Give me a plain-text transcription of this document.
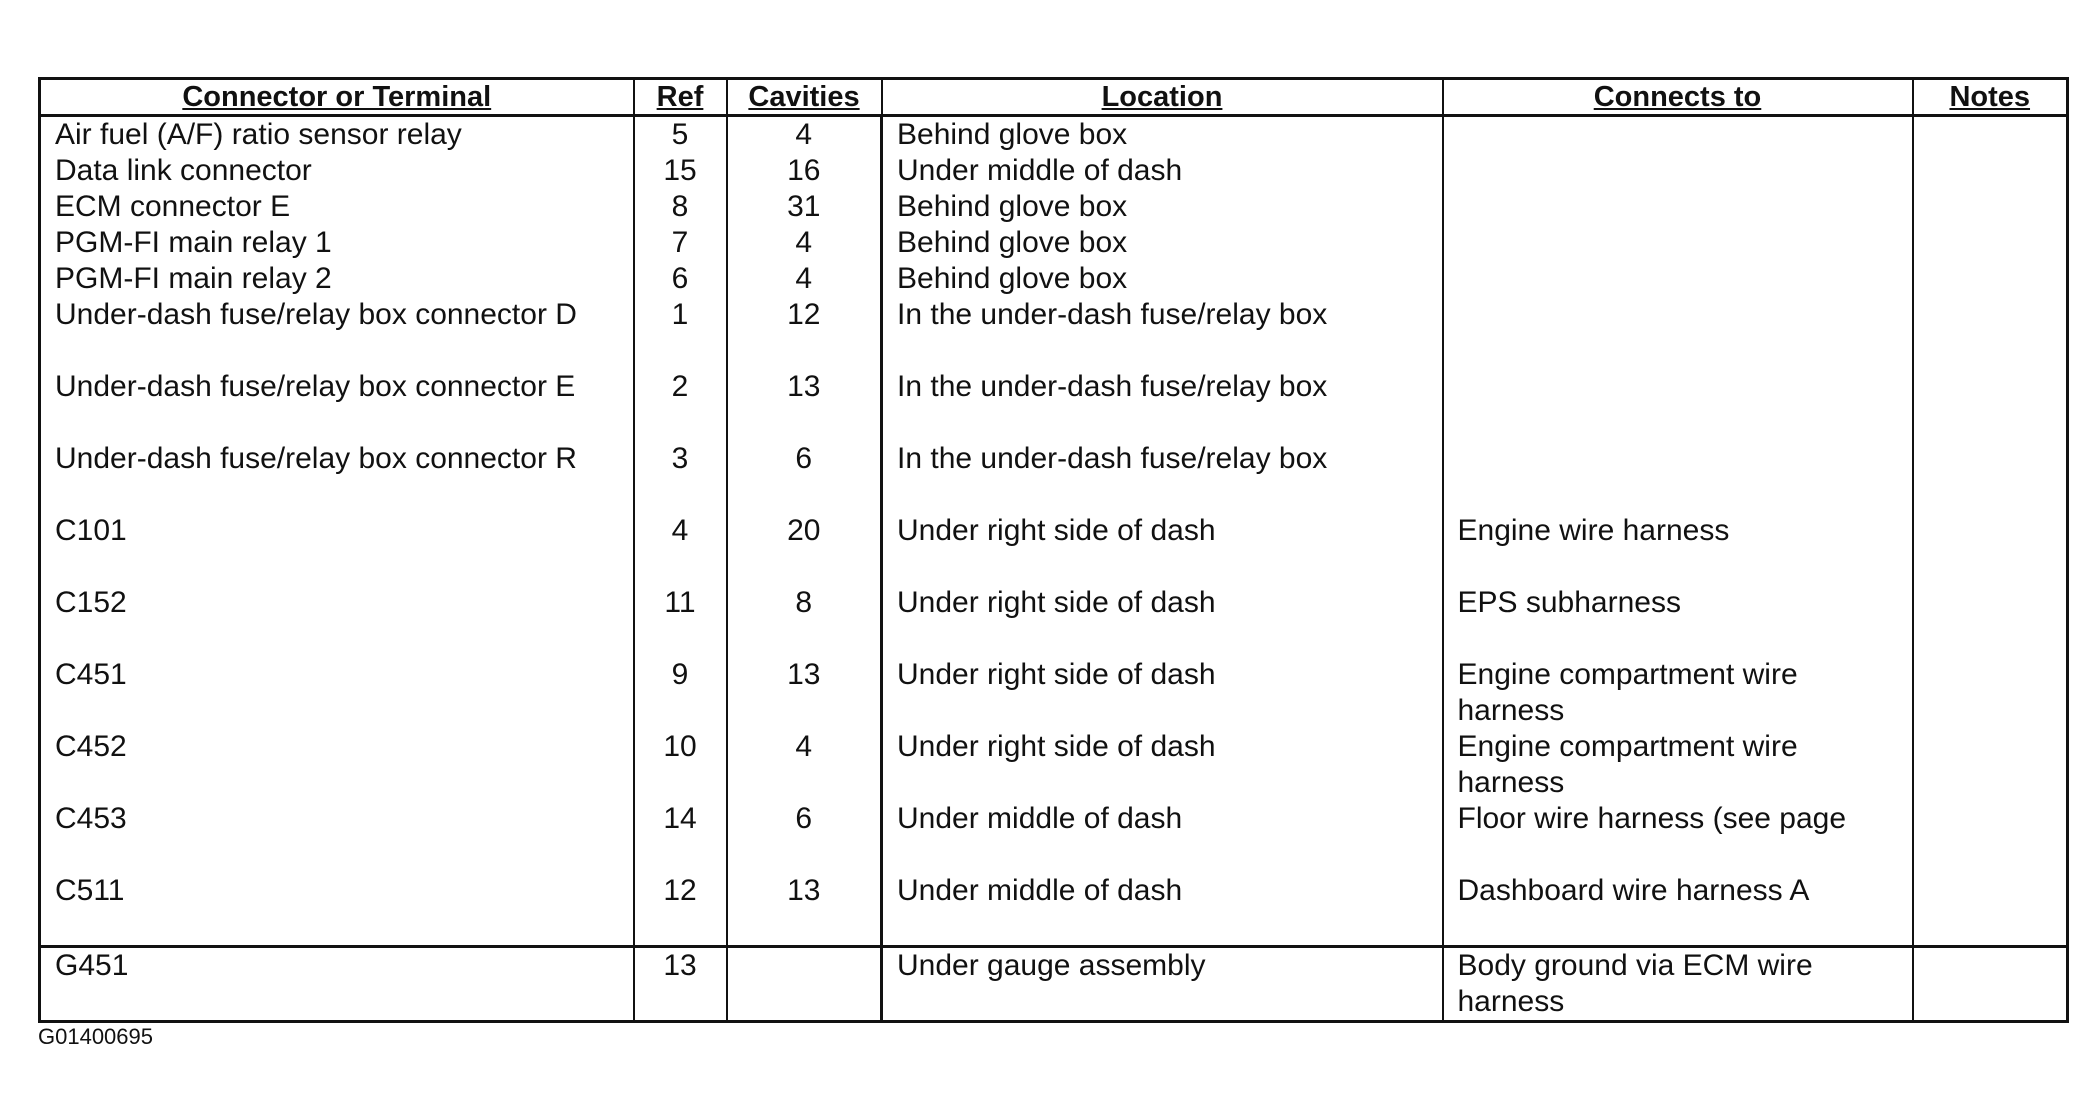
Connector or Terminal	Ref	Cavities	Location	Connects to	Notes
Air fuel (A/F) ratio sensor relay	5	4	Behind glove box		
Data link connector	15	16	Under middle of dash		
ECM connector E	8	31	Behind glove box		
PGM-FI main relay 1	7	4	Behind glove box		
PGM-FI main relay 2	6	4	Behind glove box		
Under-dash fuse/relay box connector D	1	12	In the under-dash fuse/relay box		
Under-dash fuse/relay box connector E	2	13	In the under-dash fuse/relay box		
Under-dash fuse/relay box connector R	3	6	In the under-dash fuse/relay box		
C101	4	20	Under right side of dash	Engine wire harness	
C152	11	8	Under right side of dash	EPS subharness	
C451	9	13	Under right side of dash	Engine compartment wire harness	
C452	10	4	Under right side of dash	Engine compartment wire harness	
C453	14	6	Under middle of dash	Floor wire harness (see page	
C511	12	13	Under middle of dash	Dashboard wire harness A	
G451	13		Under gauge assembly	Body ground via ECM wire harness	
G01400695
